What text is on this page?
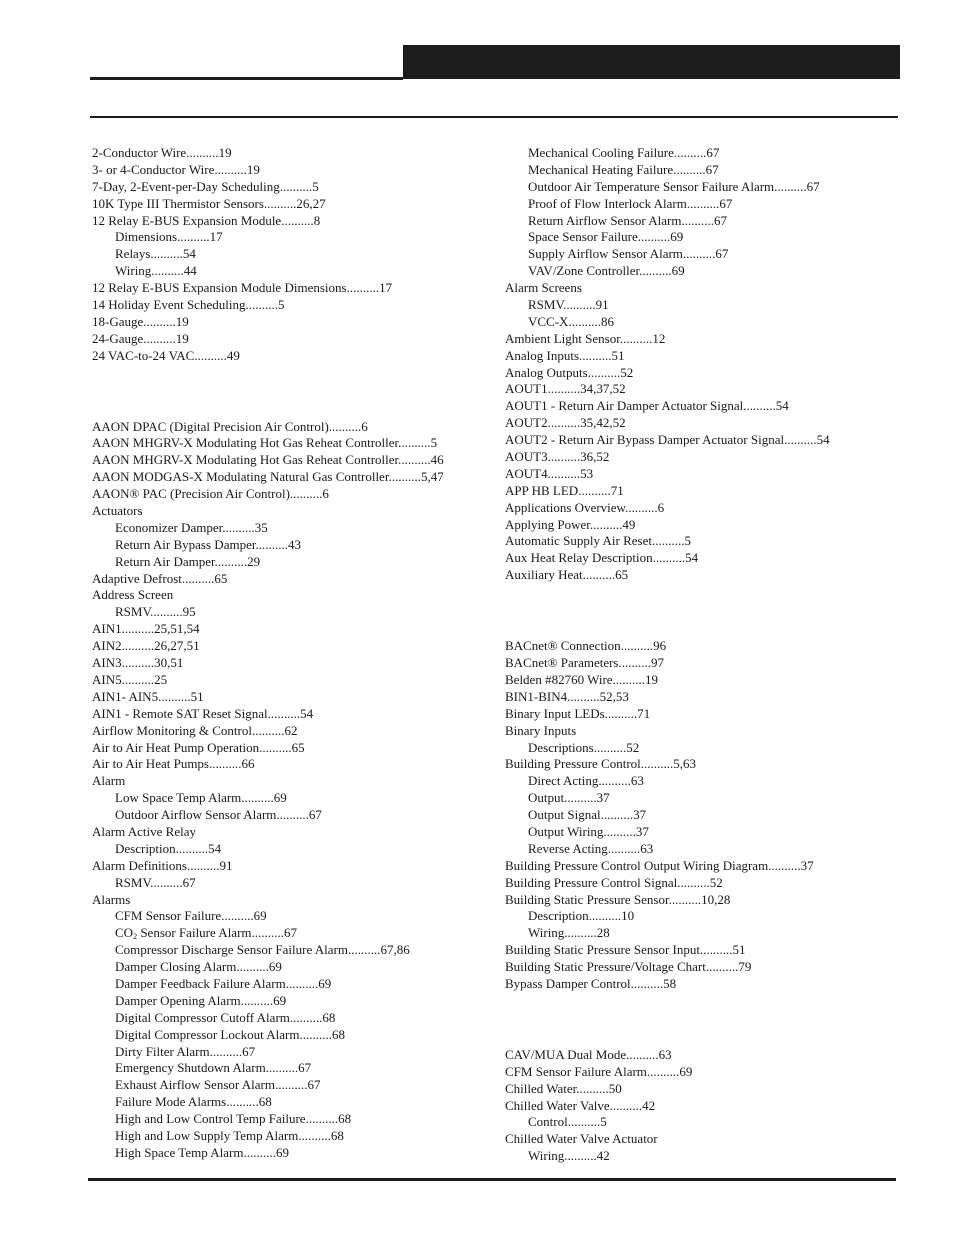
2-Conductor Wire..........19
3- or 4-Conductor Wire..........19
7-Day, 2-Event-per-Day Scheduling..........5
10K Type III Thermistor Sensors..........26,27
12 Relay E-BUS Expansion Module..........8
Dimensions..........17
Relays..........54
Wiring..........44
12 Relay E-BUS Expansion Module Dimensions..........17
14 Holiday Event Scheduling..........5
18-Gauge..........19
24-Gauge..........19
24 VAC-to-24 VAC..........49
AAON DPAC (Digital Precision Air Control)..........6
AAON MHGRV-X Modulating Hot Gas Reheat Controller..........5
AAON MHGRV-X Modulating Hot Gas Reheat Controller..........46
AAON MODGAS-X Modulating Natural Gas Controller..........5,47
AAON® PAC (Precision Air Control)..........6
Actuators
Economizer Damper..........35
Return Air Bypass Damper..........43
Return Air Damper..........29
Adaptive Defrost..........65
Address Screen
RSMV..........95
AIN1..........25,51,54
AIN2..........26,27,51
AIN3..........30,51
AIN5..........25
AIN1- AIN5..........51
AIN1 - Remote SAT Reset Signal..........54
Airflow Monitoring & Control..........62
Air to Air Heat Pump Operation..........65
Air to Air Heat Pumps..........66
Alarm
Low Space Temp Alarm..........69
Outdoor Airflow Sensor Alarm..........67
Alarm Active Relay
Description..........54
Alarm Definitions..........91
RSMV..........67
Alarms
CFM Sensor Failure..........69
$CO_2$ Sensor Failure Alarm..........67
Compressor Discharge Sensor Failure Alarm..........67,86
Damper Closing Alarm..........69
Damper Feedback Failure Alarm..........69
Damper Opening Alarm..........69
Digital Compressor Cutoff Alarm..........68
Digital Compressor Lockout Alarm..........68
Dirty Filter Alarm..........67
Emergency Shutdown Alarm..........67
Exhaust Airflow Sensor Alarm..........67
Failure Mode Alarms..........68
High and Low Control Temp Failure..........68
High and Low Supply Temp Alarm..........68
High Space Temp Alarm..........69
Mechanical Cooling Failure..........67
Mechanical Heating Failure..........67
Outdoor Air Temperature Sensor Failure Alarm..........67
Proof of Flow Interlock Alarm..........67
Return Airflow Sensor Alarm..........67
Space Sensor Failure..........69
Supply Airflow Sensor Alarm..........67
VAV/Zone Controller..........69
Alarm Screens
RSMV..........91
VCC-X..........86
Ambient Light Sensor..........12
Analog Inputs..........51
Analog Outputs..........52
AOUT1..........34,37,52
AOUT1 - Return Air Damper Actuator Signal..........54
AOUT2..........35,42,52
AOUT2 - Return Air Bypass Damper Actuator Signal..........54
AOUT3..........36,52
AOUT4..........53
APP HB LED..........71
Applications Overview..........6
Applying Power..........49
Automatic Supply Air Reset..........5
Aux Heat Relay Description..........54
Auxiliary Heat..........65
BACnet® Connection..........96
BACnet® Parameters..........97
Belden #82760 Wire..........19
BIN1-BIN4..........52,53
Binary Input LEDs..........71
Binary Inputs
Descriptions..........52
Building Pressure Control..........5,63
Direct Acting..........63
Output..........37
Output Signal..........37
Output Wiring..........37
Reverse Acting..........63
Building Pressure Control Output Wiring Diagram..........37
Building Pressure Control Signal..........52
Building Static Pressure Sensor..........10,28
Description..........10
Wiring..........28
Building Static Pressure Sensor Input..........51
Building Static Pressure/Voltage Chart..........79
Bypass Damper Control..........58
CAV/MUA Dual Mode..........63
CFM Sensor Failure Alarm..........69
Chilled Water..........50
Chilled Water Valve..........42
Control..........5
Chilled Water Valve Actuator
Wiring..........42
